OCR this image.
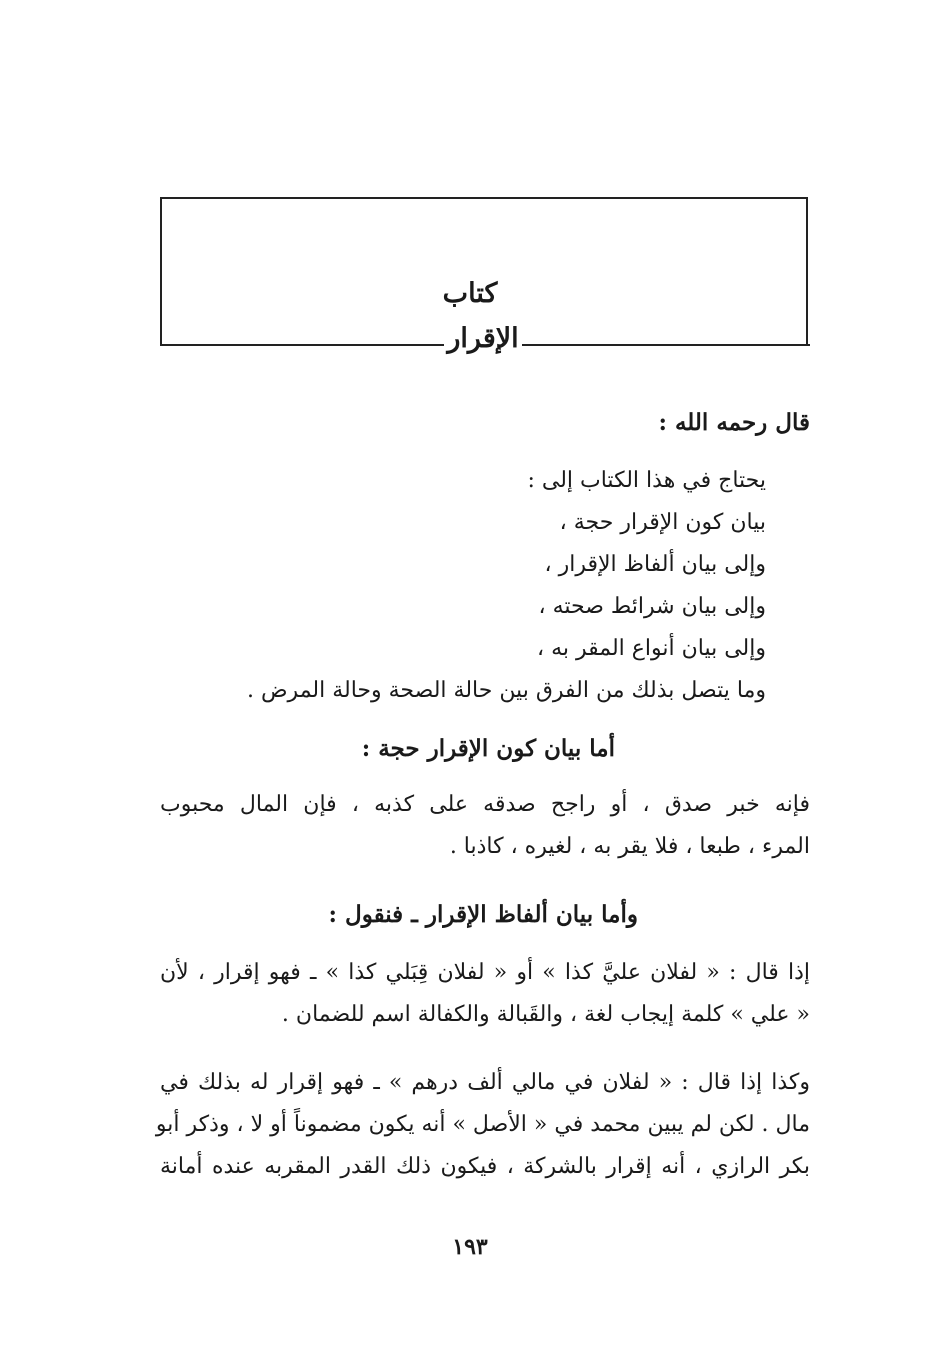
كتاب
الإقرار
قال رحمه الله :
يحتاج في هذا الكتاب إلى :
بيان كون الإقرار حجة ،
وإلى بيان ألفاظ الإقرار ،
وإلى بيان شرائط صحته ،
وإلى بيان أنواع المقر به ،
وما يتصل بذلك من الفرق بين حالة الصحة وحالة المرض .
أما بيان كون الإقرار حجة :
فإنه خبر صدق ، أو راجح صدقه على كذبه ، فإن المال محبوب
المرء ، طبعا ، فلا يقر به ، لغيره ، كاذبا .
وأما بيان ألفاظ الإقرار ـ فنقول :
إذا قال : « لفلان عليَّ كذا » أو « لفلان قِبَلي كذا » ـ فهو إقرار ، لأن
« علي » كلمة إيجاب لغة ، والقَبالة والكفالة اسم للضمان .
وكذا إذا قال : « لفلان في مالي ألف درهم » ـ فهو إقرار له بذلك في
مال . لكن لم يبين محمد في « الأصل » أنه يكون مضموناً أو لا ، وذكر أبو
بكر الرازي ، أنه إقرار بالشركة ، فيكون ذلك القدر المقربه عنده أمانة
١٩٣
